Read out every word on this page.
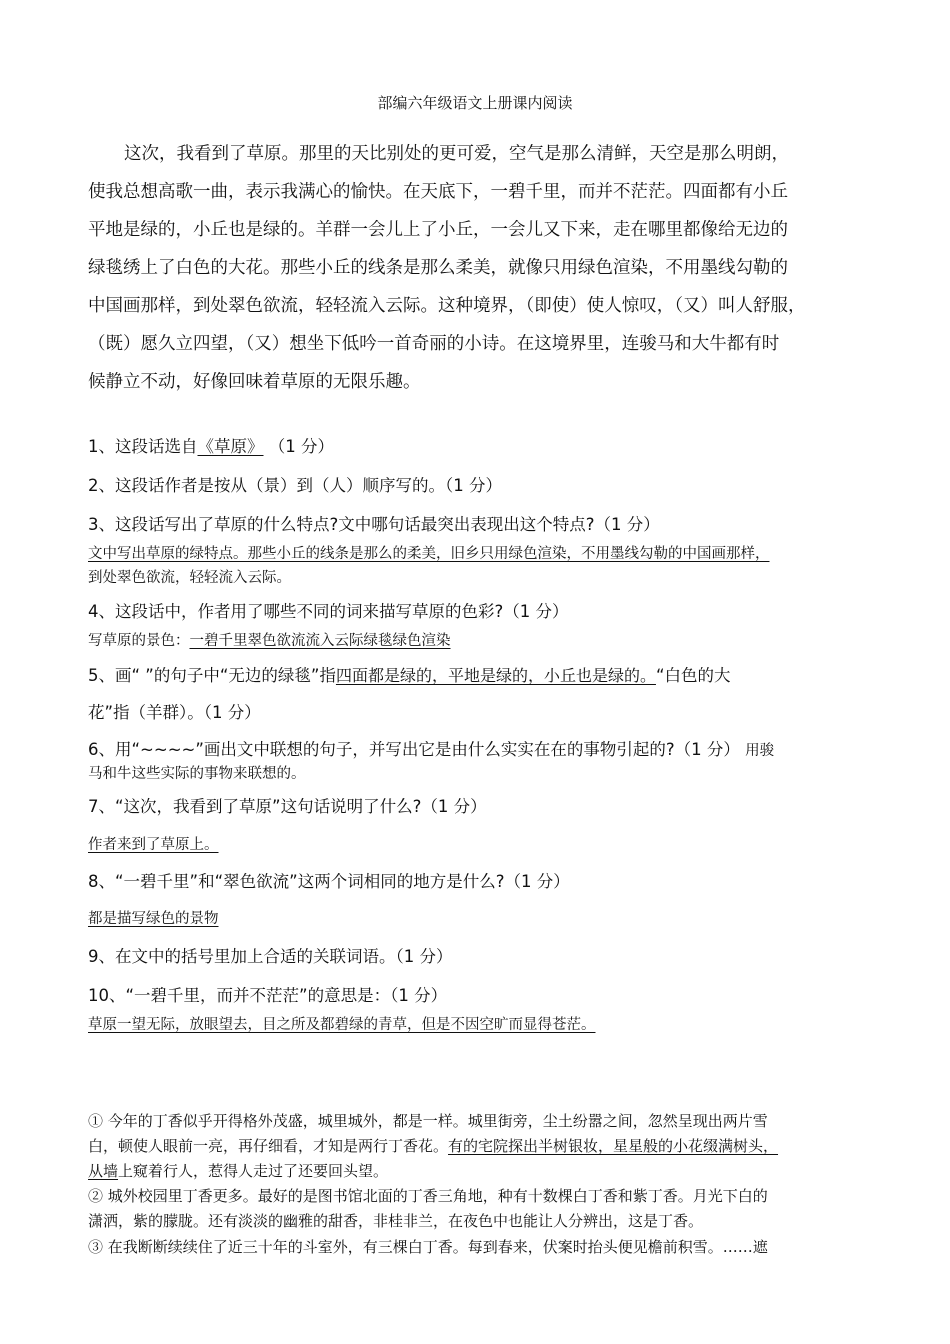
部编六年级语文上册课内阅读

这次，我看到了草原。那里的天比别处的更可爱，空气是那么清鲜，天空是那么明朗，

使我总想高歌一曲，表示我满心的愉快。在天底下，一碧千里，而并不茫茫。四面都有小丘

平地是绿的，小丘也是绿的。羊群一会儿上了小丘，一会儿又下来，走在哪里都像给无边的

绿毯绣上了白色的大花。那些小丘的线条是那么柔美，就像只用绿色渲染，不用墨线勾勒的

中国画那样，到处翠色欲流，轻轻流入云际。这种境界，（即使）使人惊叹，（又）叫人舒服，

（既）愿久立四望，（又）想坐下低吟一首奇丽的小诗。在这境界里，连骏马和大牛都有时

候静立不动，好像回味着草原的无限乐趣。

1、这段话选自《草原》 （1 分）
2、这段话作者是按从（景）到（人）顺序写的。（1 分）
3、这段话写出了草原的什么特点?文中哪句话最突出表现出这个特点?（1 分）
文中写出草原的绿特点。那些小丘的线条是那么的柔美，旧乡只用绿色渲染，不用墨线勾勒的中国画那样，
到处翠色欲流，轻轻流入云际。
4、这段话中，作者用了哪些不同的词来描写草原的色彩?（1 分）
写草原的景色：一碧千里翠色欲流流入云际绿毯绿色渲染
5、画“ ”的句子中“无边的绿毯”指四面都是绿的，平地是绿的，小丘也是绿的。“白色的大
花”指（羊群）。（1 分）
6、用“~~~~”画出文中联想的句子，并写出它是由什么实实在在的事物引起的?（1 分） 用骏
马和牛这些实际的事物来联想的。
7、“这次，我看到了草原”这句话说明了什么?（1 分）
作者来到了草原上。
8、“一碧千里”和“翠色欲流”这两个词相同的地方是什么?（1 分）
都是描写绿色的景物
9、在文中的括号里加上合适的关联词语。（1 分）
10、“一碧千里，而并不茫茫”的意思是：（1 分）
草原一望无际，放眼望去，目之所及都碧绿的青草，但是不因空旷而显得苍茫。
① 今年的丁香似乎开得格外茂盛，城里城外，都是一样。城里街旁，尘土纷嚣之间，忽然呈现出两片雪
白，顿使人眼前一亮，再仔细看，才知是两行丁香花。有的宅院探出半树银妆，星星般的小花缀满树头，
从墙上窥着行人，惹得人走过了还要回头望。
② 城外校园里丁香更多。最好的是图书馆北面的丁香三角地，种有十数棵白丁香和紫丁香。月光下白的
潇洒，紫的朦胧。还有淡淡的幽雅的甜香，非桂非兰，在夜色中也能让人分辨出，这是丁香。
③ 在我断断续续住了近三十年的斗室外，有三棵白丁香。每到春来，伏案时抬头便见檐前积雪。……遮
